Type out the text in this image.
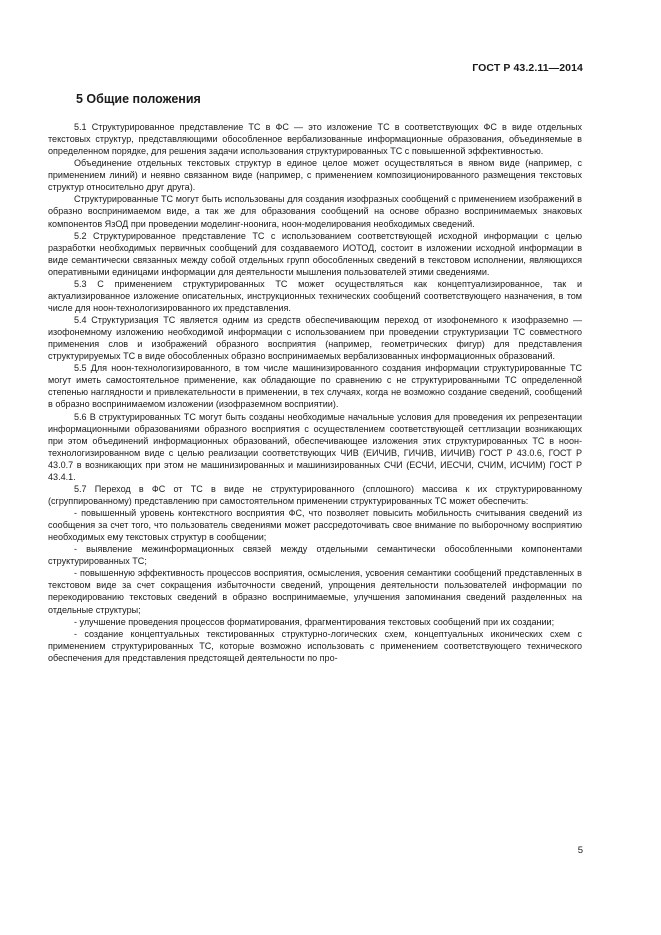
ГОСТ Р 43.2.11—2014
5 Общие положения

5.1 Структурированное представление ТС в ФС — это изложение ТС в соответствующих ФС в виде отдельных текстовых структур, представляющими обособленное вербализованные информационные образования, объединяемые в определенном порядке, для решения задачи использования структурированных ТС с повышенной эффективностью.

Объединение отдельных текстовых структур в единое целое может осуществляться в явном виде (например, с применением линий) и неявно связанном виде (например, с применением композиционированного размещения текстовых структур относительно друг друга).

Структурированные ТС могут быть использованы для создания изофразных сообщений с применением изображений в образно воспринимаемом виде, а так же для образования сообщений на основе образно воспринимаемых знаковых компонентов ЯзОД при проведении моделинг-ноонига, ноон-моделирования необходимых сведений.

5.2 Структурированное представление ТС с использованием соответствующей исходной информации с целью разработки необходимых первичных сообщений для создаваемого ИОТОД, состоит в изложении исходной информации в виде семантически связанных между собой отдельных групп обособленных сведений в текстовом исполнении, являющихся оперативными единицами информации для деятельности мышления пользователей этими сведениями.

5.3 С применением структурированных ТС может осуществляться как концептуализированное, так и актуализированное изложение описательных, инструкционных технических сообщений соответствующего назначения, в том числе для ноон-технологизированного их представления.

5.4 Структуризация ТС является одним из средств обеспечивающим переход от изофонемного к изофраземно — изофонемному изложению необходимой информации с использованием при проведении структуризации ТС совместного применения слов и изображений образного восприятия (например, геометрических фигур) для представления структурируемых ТС в виде обособленных образно воспринимаемых вербализованных информационных образований.

5.5 Для ноон-технологизированного, в том числе машинизированного создания информации структурированные ТС могут иметь самостоятельное применение, как обладающие по сравнению с не структурированными ТС определенной степенью наглядности и привлекательности в применении, в тех случаях, когда не возможно создание сведений, сообщений в образно воспринимаемом изложении (изофраземном восприятии).

5.6 В структурированных ТС могут быть созданы необходимые начальные условия для проведения их репрезентации информационными образованиями образного восприятия с осуществлением соответствующей сеттлизации возникающих при этом объединений информационных образований, обеспечивающее изложения этих структурированных ТС в ноон-технологизированном виде с целью реализации соответствующих ЧИВ (ЕИЧИВ, ГИЧИВ, ИИЧИВ) ГОСТ Р 43.0.6, ГОСТ Р 43.0.7 в возникающих при этом не машинизированных и машинизированных СЧИ (ЕСЧИ, ИЕСЧИ, СЧИМ, ИСЧИМ) ГОСТ Р 43.4.1.

5.7 Переход в ФС от ТС в виде не структурированного (сплошного) массива к их структурированному (сгруппированному) представлению при самостоятельном применении структурированных ТС может обеспечить:

- повышенный уровень контекстного восприятия ФС, что позволяет повысить мобильность считывания сведений из сообщения за счет того, что пользователь сведениями может рассредоточивать свое внимание по выборочному восприятию необходимых ему текстовых структур в сообщении;

- выявление межинформационных связей между отдельными семантически обособленными компонентами структурированных ТС;

- повышенную эффективность процессов восприятия, осмысления, усвоения семантики сообщений представленных в текстовом виде за счет сокращения избыточности сведений, упрощения деятельности пользователей информации по перекодированию текстовых сведений в образно воспринимаемые, улучшения запоминания сведений разделенных на отдельные структуры;

- улучшение проведения процессов форматирования, фрагментирования текстовых сообщений при их создании;

- создание концептуальных текстированных структурно-логических схем, концептуальных иконических схем с применением структурированных ТС, которые возможно использовать с применением соответствующего технического обеспечения для представления предстоящей деятельности по про-

5
